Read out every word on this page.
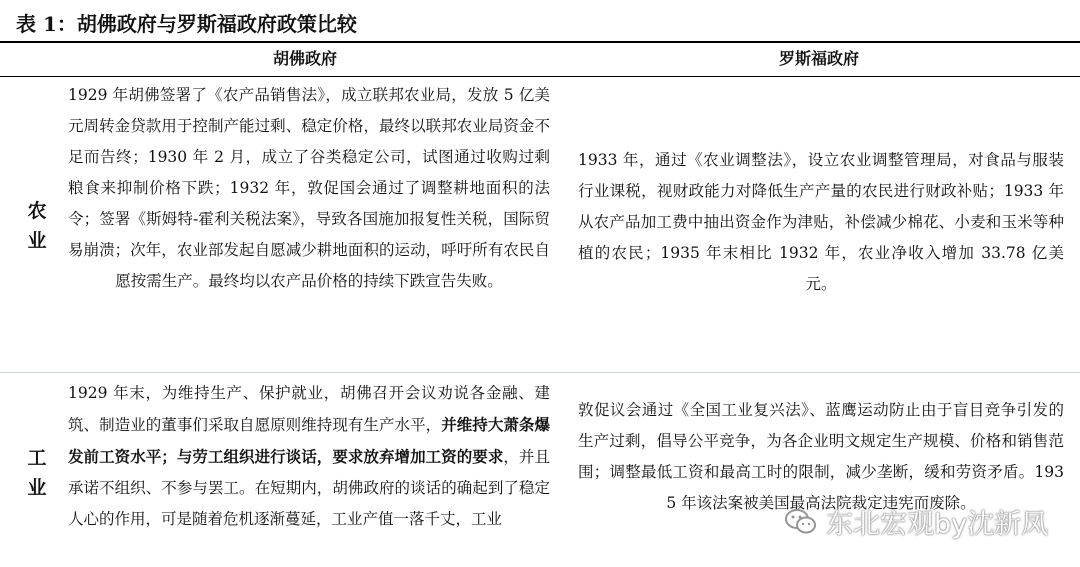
表 1：胡佛政府与罗斯福政府政策比较
胡佛政府	罗斯福政府
农业
1929 年胡佛签署了《农产品销售法》，成立联邦农业局，发放 5 亿美元周转金贷款用于控制产能过剩、稳定价格，最终以联邦农业局资金不足而告终；1930 年 2 月，成立了谷类稳定公司，试图通过收购过剩粮食来抑制价格下跌；1932 年，敦促国会通过了调整耕地面积的法令；签署《斯姆特-霍利关税法案》，导致各国施加报复性关税，国际贸易崩溃；次年，农业部发起自愿减少耕地面积的运动，呼吁所有农民自愿按需生产。最终均以农产品价格的持续下跌宣告失败。
1933 年，通过《农业调整法》，设立农业调整管理局，对食品与服装行业课税，视财政能力对降低生产产量的农民进行财政补贴；1933 年从农产品加工费中抽出资金作为津贴，补偿减少棉花、小麦和玉米等种植的农民；1935 年末相比 1932 年，农业净收入增加 33.78 亿美元。
工业
1929 年末，为维持生产、保护就业，胡佛召开会议劝说各金融、建筑、制造业的董事们采取自愿原则维持现有生产水平，并维持大萧条爆发前工资水平；与劳工组织进行谈话，要求放弃增加工资的要求，并且承诺不组织、不参与罢工。在短期内，胡佛政府的谈话的确起到了稳定人心的作用，可是随着危机逐渐蔓延，工业产值一落千丈，工业
敦促议会通过《全国工业复兴法》、蓝鹰运动防止由于盲目竞争引发的生产过剩，倡导公平竞争，为各企业明文规定生产规模、价格和销售范围；调整最低工资和最高工时的限制，减少垄断，缓和劳资矛盾。1935 年该法案被美国最高法院裁定违宪而废除。
东北宏观by沈新凤
